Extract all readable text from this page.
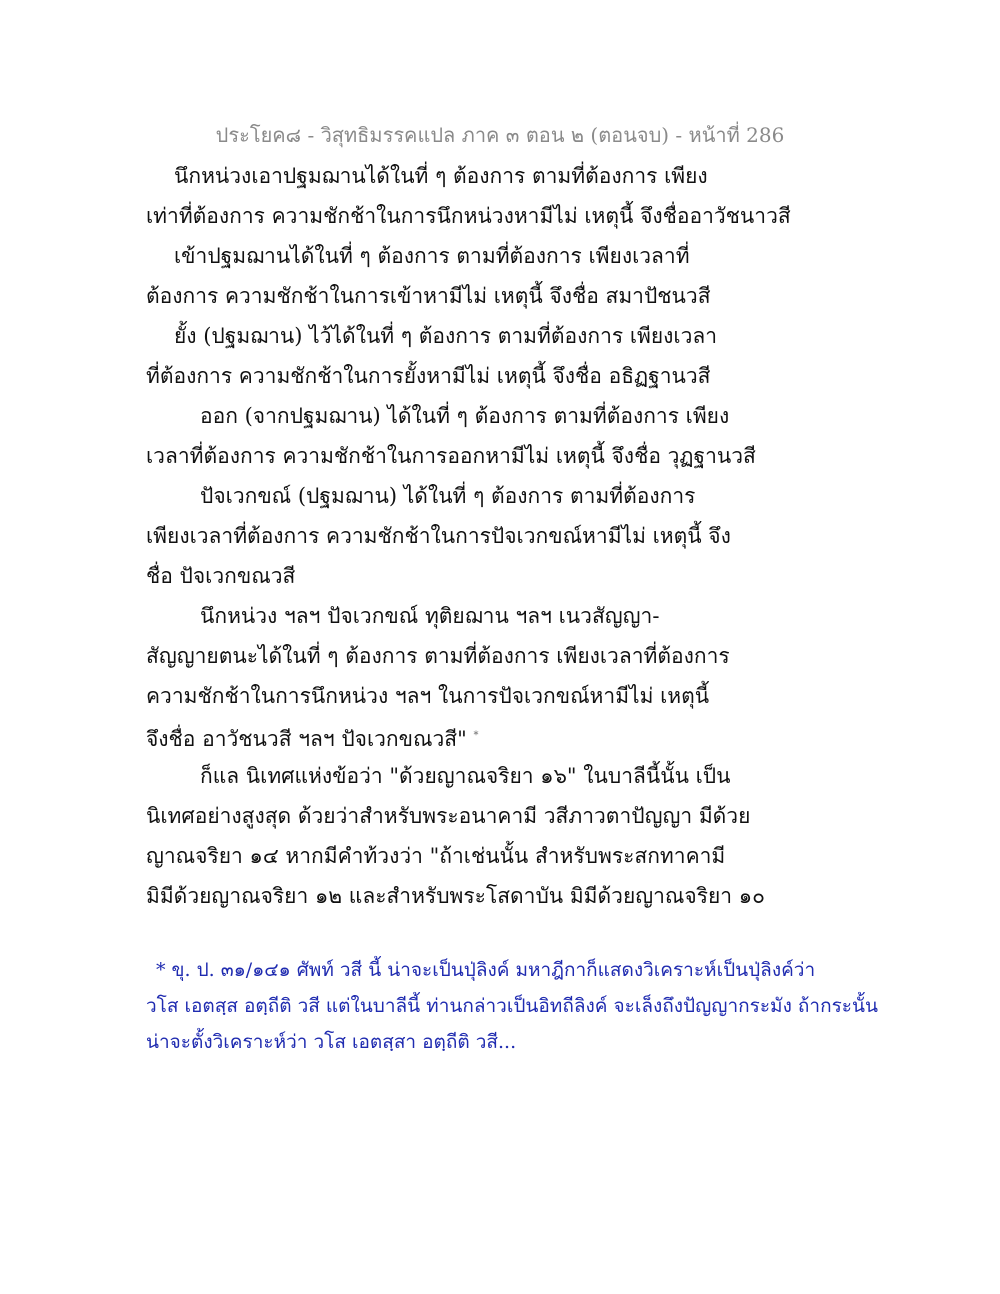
ประโยค๘ - วิสุทธิมรรคแปล ภาค ๓ ตอน ๒ (ตอนจบ) - หน้าที่ 286
นึกหน่วงเอาปฐมฌานได้ในที่ ๆ ต้องการ ตามที่ต้องการ เพียง
เท่าที่ต้องการ ความชักช้าในการนึกหน่วงหามีไม่ เหตุนี้ จึงชื่ออาวัชนาวสี
เข้าปฐมฌานได้ในที่ ๆ ต้องการ ตามที่ต้องการ เพียงเวลาที่
ต้องการ ความชักช้าในการเข้าหามีไม่ เหตุนี้ จึงชื่อ สมาปัชนวสี
ยั้ง (ปฐมฌาน) ไว้ได้ในที่ ๆ ต้องการ ตามที่ต้องการ เพียงเวลา
ที่ต้องการ ความชักช้าในการยั้งหามีไม่ เหตุนี้ จึงชื่อ อธิฏฐานวสี
ออก (จากปฐมฌาน) ได้ในที่ ๆ ต้องการ ตามที่ต้องการ เพียง
เวลาที่ต้องการ ความชักช้าในการออกหามีไม่ เหตุนี้ จึงชื่อ วุฏฐานวสี
ปัจเวกขณ์ (ปฐมฌาน) ได้ในที่ ๆ ต้องการ ตามที่ต้องการ
เพียงเวลาที่ต้องการ ความชักช้าในการปัจเวกขณ์หามีไม่ เหตุนี้ จึง
ชื่อ ปัจเวกขณวสี
นึกหน่วง ฯลฯ ปัจเวกขณ์ ทุติยฌาน ฯลฯ เนวสัญญา-
สัญญายตนะได้ในที่ ๆ ต้องการ ตามที่ต้องการ เพียงเวลาที่ต้องการ
ความชักช้าในการนึกหน่วง ฯลฯ ในการปัจเวกขณ์หามีไม่ เหตุนี้
จึงชื่อ อาวัชนวสี ฯลฯ ปัจเวกขณวสี" *
ก็แล นิเทศแห่งข้อว่า "ด้วยญาณจริยา ๑๖" ในบาลีนี้นั้น เป็น
นิเทศอย่างสูงสุด ด้วยว่าสำหรับพระอนาคามี วสีภาวตาปัญญา มีด้วย
ญาณจริยา ๑๔ หากมีคำท้วงว่า "ถ้าเช่นนั้น สำหรับพระสกทาคามี
มิมีด้วยญาณจริยา ๑๒ และสำหรับพระโสดาบัน มิมีด้วยญาณจริยา ๑๐
* ขุ. ป. ๓๑/๑๔๑ ศัพท์ วสี นี้ น่าจะเป็นปุ่ลิงค์ มหาฎีกาก็แสดงวิเคราะห์เป็นปุ่ลิงค์ว่า
วโส เอตสฺส อตฺถีติ วสี แต่ในบาลีนี้ ท่านกล่าวเป็นอิทถีลิงค์ จะเล็งถึงปัญญากระมัง ถ้ากระนั้น
น่าจะตั้งวิเคราะห์ว่า วโส เอตสฺสา อตฺถีติ วสี...
